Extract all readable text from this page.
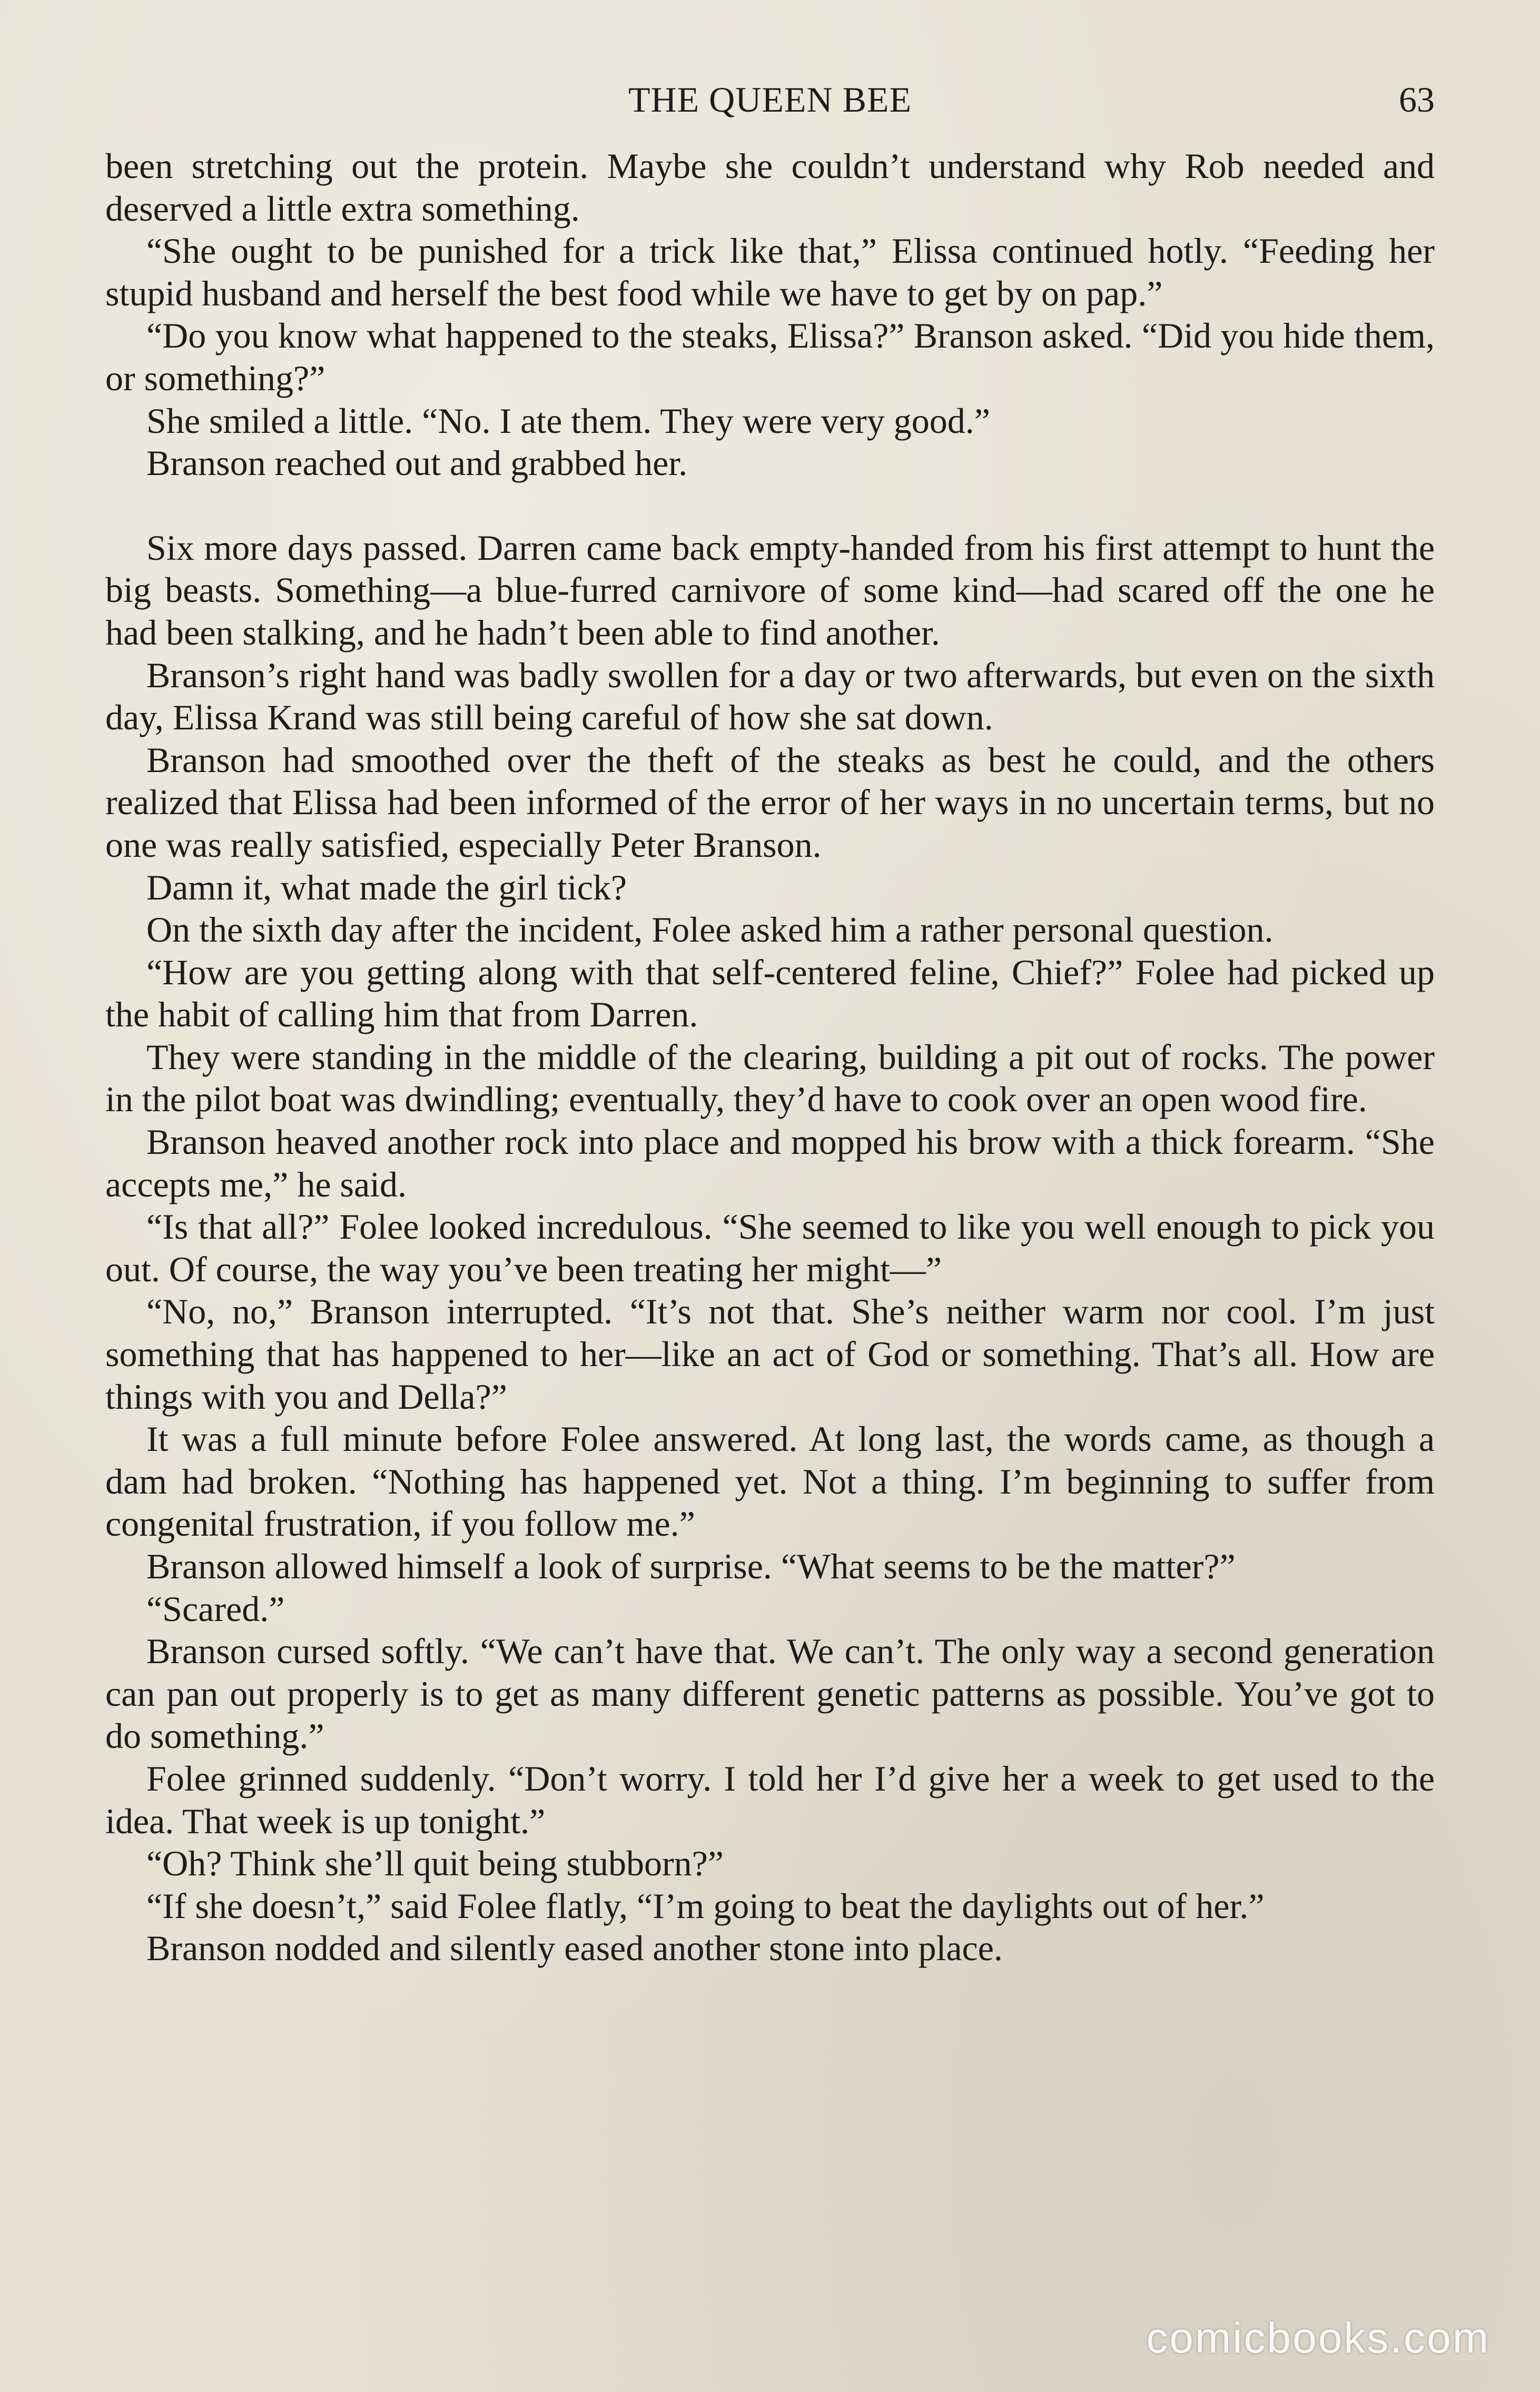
THE QUEEN BEE	63

been stretching out the protein. Maybe she couldn’t understand why Rob needed and deserved a little extra something.

“She ought to be punished for a trick like that,” Elissa continued hotly. “Feeding her stupid husband and herself the best food while we have to get by on pap.”

“Do you know what happened to the steaks, Elissa?” Branson asked. “Did you hide them, or something?”

She smiled a little. “No. I ate them. They were very good.”

Branson reached out and grabbed her.

Six more days passed. Darren came back empty-handed from his first attempt to hunt the big beasts. Something—a blue-furred carnivore of some kind—had scared off the one he had been stalking, and he hadn’t been able to find another.

Branson’s right hand was badly swollen for a day or two afterwards, but even on the sixth day, Elissa Krand was still being careful of how she sat down.

Branson had smoothed over the theft of the steaks as best he could, and the others realized that Elissa had been informed of the error of her ways in no uncertain terms, but no one was really satisfied, especially Peter Branson.

Damn it, what made the girl tick?

On the sixth day after the incident, Folee asked him a rather personal question.

“How are you getting along with that self-centered feline, Chief?” Folee had picked up the habit of calling him that from Darren.

They were standing in the middle of the clearing, building a pit out of rocks. The power in the pilot boat was dwindling; eventually, they’d have to cook over an open wood fire.

Branson heaved another rock into place and mopped his brow with a thick forearm. “She accepts me,” he said.

“Is that all?” Folee looked incredulous. “She seemed to like you well enough to pick you out. Of course, the way you’ve been treating her might—”

“No, no,” Branson interrupted. “It’s not that. She’s neither warm nor cool. I’m just something that has happened to her—like an act of God or something. That’s all. How are things with you and Della?”

It was a full minute before Folee answered. At long last, the words came, as though a dam had broken. “Nothing has happened yet. Not a thing. I’m beginning to suffer from congenital frustration, if you follow me.”

Branson allowed himself a look of surprise. “What seems to be the matter?”

“Scared.”

Branson cursed softly. “We can’t have that. We can’t. The only way a second generation can pan out properly is to get as many different genetic patterns as possible. You’ve got to do something.”

Folee grinned suddenly. “Don’t worry. I told her I’d give her a week to get used to the idea. That week is up tonight.”

“Oh? Think she’ll quit being stubborn?”

“If she doesn’t,” said Folee flatly, “I’m going to beat the daylights out of her.”

Branson nodded and silently eased another stone into place.

comicbooks.com
